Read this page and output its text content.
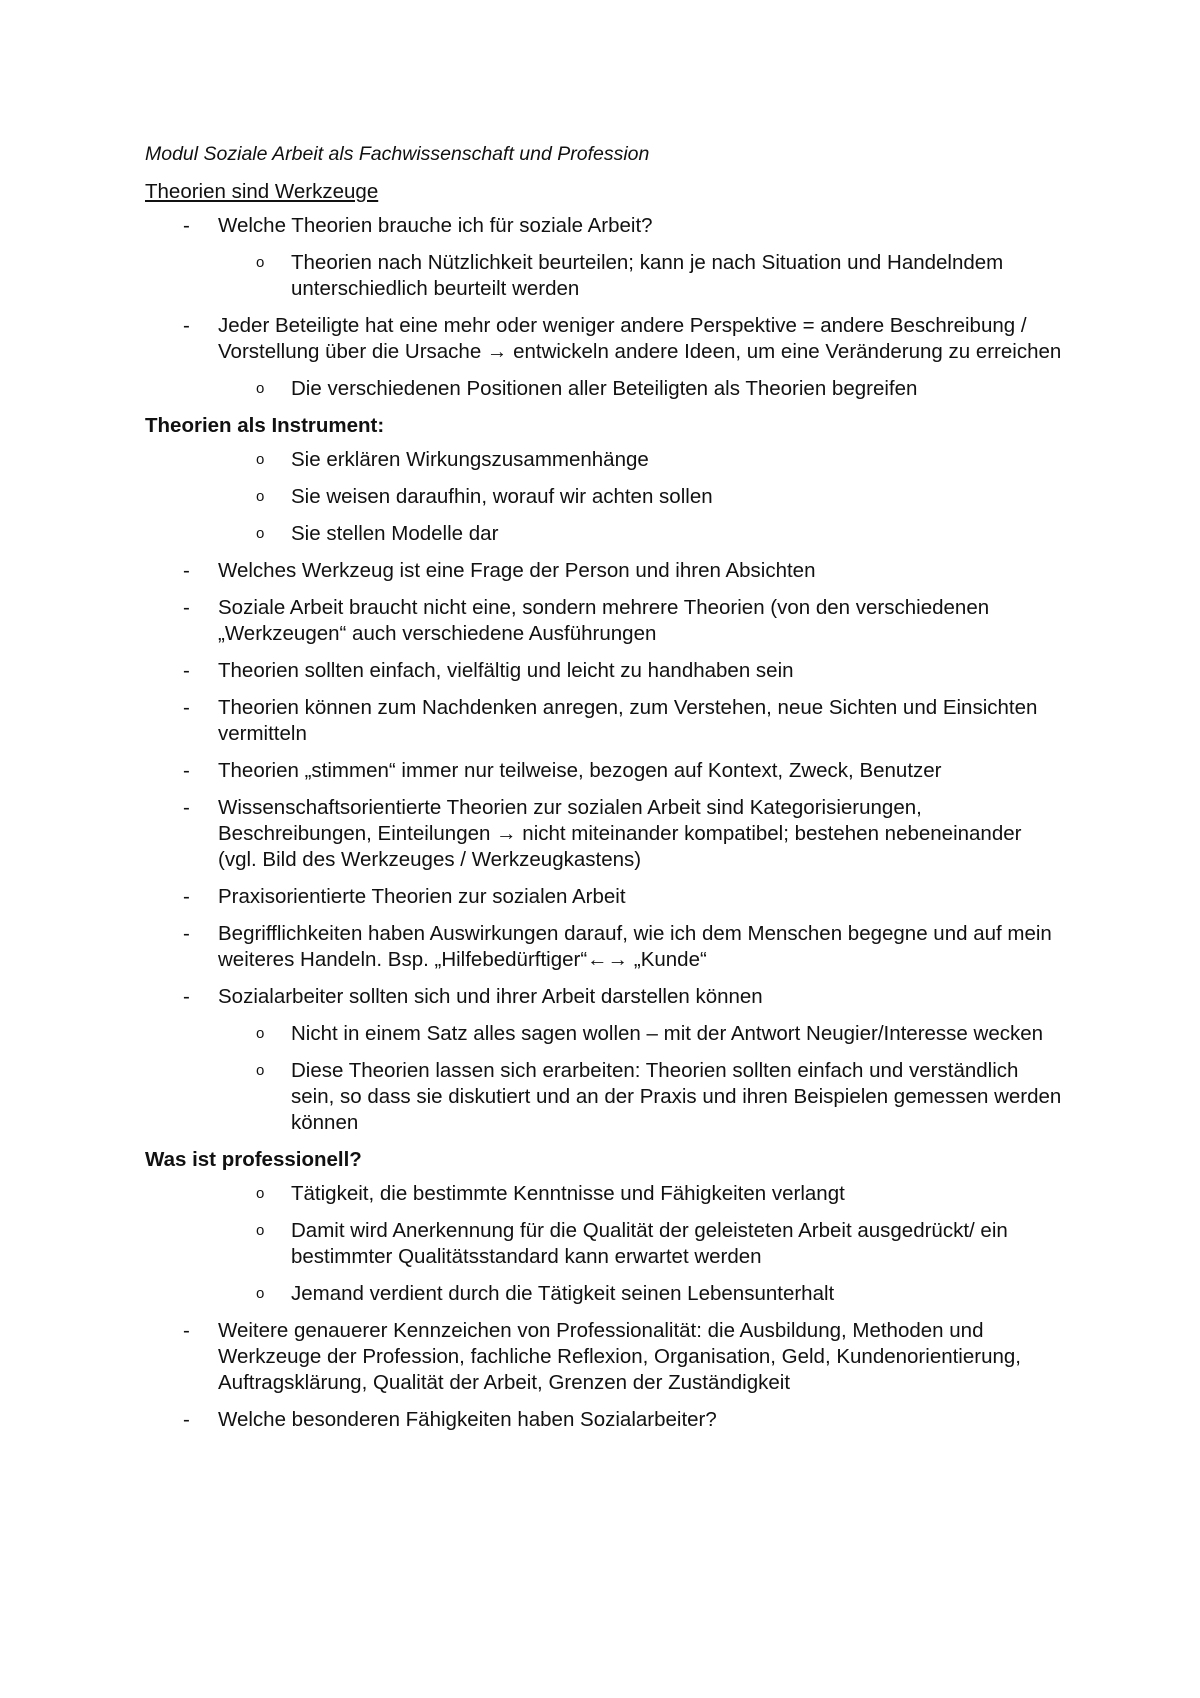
Modul Soziale Arbeit als Fachwissenschaft und Profession
Theorien sind Werkzeuge
-	Welche Theorien brauche ich für soziale Arbeit?
o	Theorien nach Nützlichkeit beurteilen; kann je nach Situation und Handelndem unterschiedlich beurteilt werden
-	Jeder Beteiligte hat eine mehr oder weniger andere Perspektive = andere Beschreibung / Vorstellung über die Ursache → entwickeln andere Ideen, um eine Veränderung zu erreichen
o	Die verschiedenen Positionen aller Beteiligten als Theorien begreifen
Theorien als Instrument:
o	Sie erklären Wirkungszusammenhänge
o	Sie weisen daraufhin, worauf wir achten sollen
o	Sie stellen Modelle dar
-	Welches Werkzeug ist eine Frage der Person und ihren Absichten
-	Soziale Arbeit braucht nicht eine, sondern mehrere Theorien (von den verschiedenen „Werkzeugen“ auch verschiedene Ausführungen
-	Theorien sollten einfach, vielfältig und leicht zu handhaben sein
-	Theorien können zum Nachdenken anregen, zum Verstehen, neue Sichten und Einsichten vermitteln
-	Theorien „stimmen“ immer nur teilweise, bezogen auf Kontext, Zweck, Benutzer
-	Wissenschaftsorientierte Theorien zur sozialen Arbeit sind Kategorisierungen, Beschreibungen, Einteilungen → nicht miteinander kompatibel; bestehen nebeneinander (vgl. Bild des Werkzeuges / Werkzeugkastens)
-	Praxisorientierte Theorien zur sozialen Arbeit
-	Begrifflichkeiten haben Auswirkungen darauf, wie ich dem Menschen begegne und auf mein weiteres Handeln. Bsp. „Hilfebedürftiger“←→ „Kunde“
-	Sozialarbeiter sollten sich und ihrer Arbeit darstellen können
o	Nicht in einem Satz alles sagen wollen – mit der Antwort Neugier/Interesse wecken
o	Diese Theorien lassen sich erarbeiten: Theorien sollten einfach und verständlich sein, so dass sie diskutiert und an der Praxis und ihren Beispielen gemessen werden können
Was ist professionell?
o	Tätigkeit, die bestimmte Kenntnisse und Fähigkeiten verlangt
o	Damit wird Anerkennung für die Qualität der geleisteten Arbeit ausgedrückt/ ein bestimmter Qualitätsstandard kann erwartet werden
o	Jemand verdient durch die Tätigkeit seinen Lebensunterhalt
-	Weitere genauerer Kennzeichen von Professionalität: die Ausbildung, Methoden und Werkzeuge der Profession, fachliche Reflexion, Organisation, Geld, Kundenorientierung, Auftragsklärung, Qualität der Arbeit, Grenzen der Zuständigkeit
-	Welche besonderen Fähigkeiten haben Sozialarbeiter?
